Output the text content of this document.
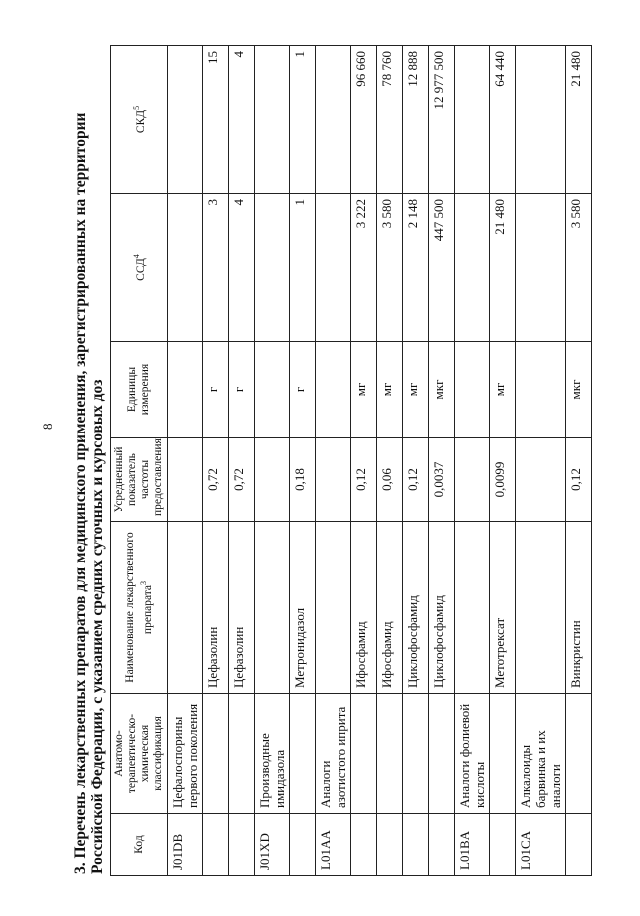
8 3. Перечень лекарственных препаратов для медицинского применения, зарегистрированных на территории Российской Федерации, с указанием средних суточных и курсовых доз Код	Анатомо-терапевтическо-химическая классификация	Наименование лекарственного препарата$^3$	Усредненный показатель частоты предоставления	Единицы измерения	ССД$^4$	СКД$^5$
J01DB	Цефалоспорины первого поколения					
		Цефазолин	0,72	г	3	15
		Цефазолин	0,72	г	4	4
J01XD	Производные имидазола					
		Метронидазол	0,18	г	1	1
L01AA	Аналоги азотистого иприта					
		Ифосфамид	0,12	мг	3 222	96 660
		Ифосфамид	0,06	мг	3 580	78 760
		Циклофосфамид	0,12	мг	2 148	12 888
		Циклофосфамид	0,0037	мкг	447 500	12 977 500
L01BA	Аналоги фолиевой кислоты					
		Метотрексат	0,0099	мг	21 480	64 440
L01CA	Алкалоиды барвинка и их аналоги					
		Винкристин	0,12	мкг	3 580	21 480
